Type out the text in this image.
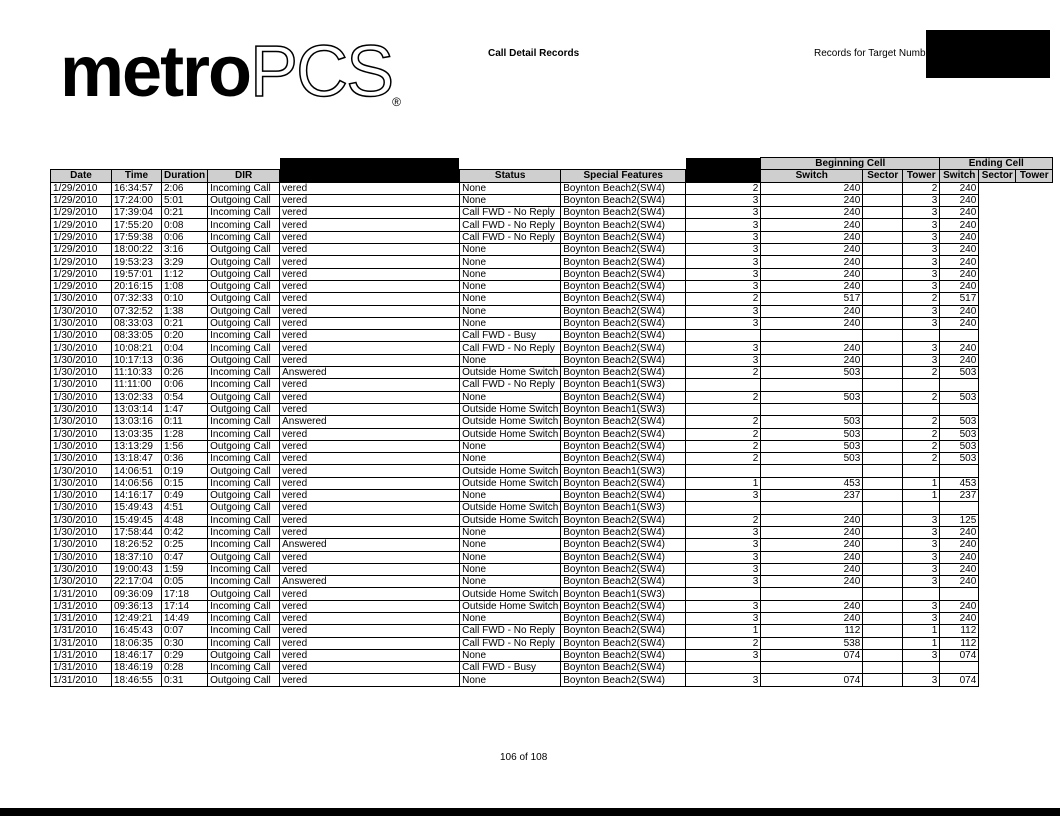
metroPCS®
Call Detail Records	Records for Target Numb
								Beginning Cell			Ending Cell		
Date	Time	Duration	DIR		Status	Special Features		Switch	Sector	Tower	Switch	Sector	Tower
1/29/2010	16:34:57	2:06	Incoming Call	vered	None	Boynton Beach2(SW4)	2	240		2	240		
1/29/2010	17:24:00	5:01	Outgoing Call	vered	None	Boynton Beach2(SW4)	3	240		3	240		
1/29/2010	17:39:04	0:21	Incoming Call	vered	Call FWD - No Reply	Boynton Beach2(SW4)	3	240		3	240		
1/29/2010	17:55:20	0:08	Incoming Call	vered	Call FWD - No Reply	Boynton Beach2(SW4)	3	240		3	240		
1/29/2010	17:59:38	0:06	Incoming Call	vered	Call FWD - No Reply	Boynton Beach2(SW4)	3	240		3	240		
1/29/2010	18:00:22	3:16	Outgoing Call	vered	None	Boynton Beach2(SW4)	3	240		3	240		
1/29/2010	19:53:23	3:29	Outgoing Call	vered	None	Boynton Beach2(SW4)	3	240		3	240		
1/29/2010	19:57:01	1:12	Outgoing Call	vered	None	Boynton Beach2(SW4)	3	240		3	240		
1/29/2010	20:16:15	1:08	Outgoing Call	vered	None	Boynton Beach2(SW4)	3	240		3	240		
1/30/2010	07:32:33	0:10	Outgoing Call	vered	None	Boynton Beach2(SW4)	2	517		2	517		
1/30/2010	07:32:52	1:38	Outgoing Call	vered	None	Boynton Beach2(SW4)	3	240		3	240		
1/30/2010	08:33:03	0:21	Outgoing Call	vered	None	Boynton Beach2(SW4)	3	240		3	240		
1/30/2010	08:33:05	0:20	Incoming Call	vered	Call FWD - Busy	Boynton Beach2(SW4)							
1/30/2010	10:08:21	0:04	Incoming Call	vered	Call FWD - No Reply	Boynton Beach2(SW4)	3	240		3	240		
1/30/2010	10:17:13	0:36	Outgoing Call	vered	None	Boynton Beach2(SW4)	3	240		3	240		
1/30/2010	11:10:33	0:26	Incoming Call	Answered	Outside Home Switch	Boynton Beach2(SW4)	2	503		2	503		
1/30/2010	11:11:00	0:06	Incoming Call	vered	Call FWD - No Reply	Boynton Beach1(SW3)							
1/30/2010	13:02:33	0:54	Outgoing Call	vered	None	Boynton Beach2(SW4)	2	503		2	503		
1/30/2010	13:03:14	1:47	Outgoing Call	vered	Outside Home Switch	Boynton Beach1(SW3)							
1/30/2010	13:03:16	0:11	Incoming Call	Answered	Outside Home Switch	Boynton Beach2(SW4)	2	503		2	503		
1/30/2010	13:03:35	1:28	Incoming Call	vered	Outside Home Switch	Boynton Beach2(SW4)	2	503		2	503		
1/30/2010	13:13:29	1:56	Outgoing Call	vered	None	Boynton Beach2(SW4)	2	503		2	503		
1/30/2010	13:18:47	0:36	Incoming Call	vered	None	Boynton Beach2(SW4)	2	503		2	503		
1/30/2010	14:06:51	0:19	Outgoing Call	vered	Outside Home Switch	Boynton Beach1(SW3)							
1/30/2010	14:06:56	0:15	Incoming Call	vered	Outside Home Switch	Boynton Beach2(SW4)	1	453		1	453		
1/30/2010	14:16:17	0:49	Outgoing Call	vered	None	Boynton Beach2(SW4)	3	237		1	237		
1/30/2010	15:49:43	4:51	Outgoing Call	vered	Outside Home Switch	Boynton Beach1(SW3)							
1/30/2010	15:49:45	4:48	Incoming Call	vered	Outside Home Switch	Boynton Beach2(SW4)	2	240		3	125		
1/30/2010	17:58:44	0:42	Incoming Call	vered	None	Boynton Beach2(SW4)	3	240		3	240		
1/30/2010	18:26:52	0:25	Incoming Call	Answered	None	Boynton Beach2(SW4)	3	240		3	240		
1/30/2010	18:37:10	0:47	Outgoing Call	vered	None	Boynton Beach2(SW4)	3	240		3	240		
1/30/2010	19:00:43	1:59	Incoming Call	vered	None	Boynton Beach2(SW4)	3	240		3	240		
1/30/2010	22:17:04	0:05	Incoming Call	Answered	None	Boynton Beach2(SW4)	3	240		3	240		
1/31/2010	09:36:09	17:18	Outgoing Call	vered	Outside Home Switch	Boynton Beach1(SW3)							
1/31/2010	09:36:13	17:14	Incoming Call	vered	Outside Home Switch	Boynton Beach2(SW4)	3	240		3	240		
1/31/2010	12:49:21	14:49	Incoming Call	vered	None	Boynton Beach2(SW4)	3	240		3	240		
1/31/2010	16:45:43	0:07	Incoming Call	vered	Call FWD - No Reply	Boynton Beach2(SW4)	1	112		1	112		
1/31/2010	18:06:35	0:30	Incoming Call	vered	Call FWD - No Reply	Boynton Beach2(SW4)	2	538		1	112		
1/31/2010	18:46:17	0:29	Outgoing Call	vered	None	Boynton Beach2(SW4)	3	074		3	074		
1/31/2010	18:46:19	0:28	Incoming Call	vered	Call FWD - Busy	Boynton Beach2(SW4)							
1/31/2010	18:46:55	0:31	Outgoing Call	vered	None	Boynton Beach2(SW4)	3	074		3	074		
106 of 108
